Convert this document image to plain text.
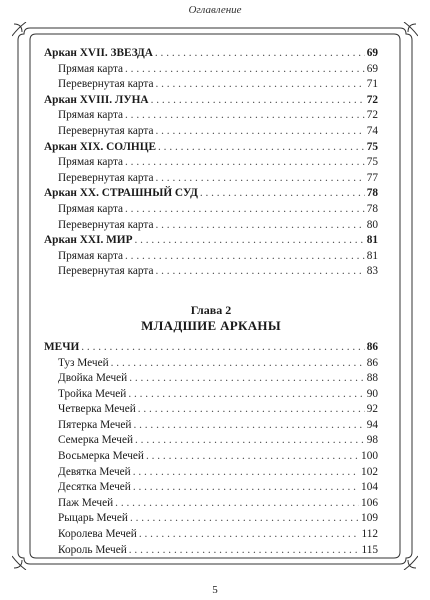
Оглавление
Аркан XVII. ЗВЕЗДА . . .	69
Прямая карта . . .	69
Перевернутая карта . . .	71
Аркан XVIII. ЛУНА . . .	72
Прямая карта . . .	72
Перевернутая карта . . .	74
Аркан XIX. СОЛНЦЕ . . .	75
Прямая карта . . .	75
Перевернутая карта . . .	77
Аркан XX. СТРАШНЫЙ СУД . . .	78
Прямая карта . . .	78
Перевернутая карта . . .	80
Аркан XXI. МИР . . .	81
Прямая карта . . .	81
Перевернутая карта . . .	83
Глава 2
МЛАДШИЕ АРКАНЫ
МЕЧИ . . .	86
Туз Мечей . . .	86
Двойка Мечей . . .	88
Тройка Мечей . . .	90
Четверка Мечей . . .	92
Пятерка Мечей . . .	94
Семерка Мечей . . .	98
Восьмерка Мечей . . .	100
Девятка Мечей . . .	102
Десятка Мечей . . .	104
Паж Мечей . . .	106
Рыцарь Мечей . . .	109
Королева Мечей . . .	112
Король Мечей . . .	115
5
